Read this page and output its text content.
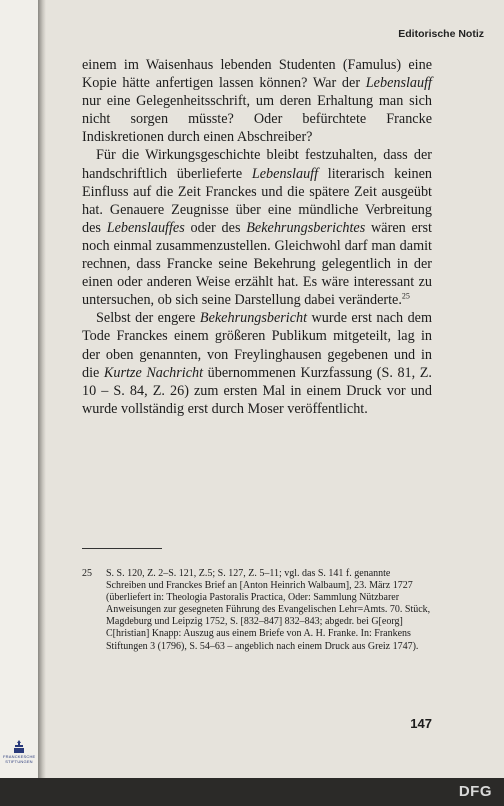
FRANCKESCHE STIFTUNGEN
Editorische Notiz

einem im Waisenhaus lebenden Studenten (Famulus) eine Kopie hätte anfertigen lassen können? War der Lebenslauff nur eine Gelegenheitsschrift, um deren Erhaltung man sich nicht sorgen müsste? Oder befürchtete Francke Indiskretionen durch einen Abschreiber?

Für die Wirkungsgeschichte bleibt festzuhalten, dass der handschriftlich überlieferte Lebenslauff literarisch keinen Einfluss auf die Zeit Franckes und die spätere Zeit ausgeübt hat. Genauere Zeugnisse über eine mündliche Verbreitung des Lebenslauffes oder des Bekehrungsberichtes wären erst noch einmal zusammenzustellen. Gleichwohl darf man damit rechnen, dass Francke seine Bekehrung gelegentlich in der einen oder anderen Weise erzählt hat. Es wäre interessant zu untersuchen, ob sich seine Darstellung dabei veränderte.$^{25}$

Selbst der engere Bekehrungsbericht wurde erst nach dem Tode Franckes einem größeren Publikum mitgeteilt, lag in der oben genannten, von Freylinghausen gegebenen und in die Kurtze Nachricht übernommenen Kurzfassung (S. 81, Z. 10 – S. 84, Z. 26) zum ersten Mal in einem Druck vor und wurde vollständig erst durch Moser veröffentlicht.

25 S. S. 120, Z. 2–S. 121, Z.5; S. 127, Z. 5–11; vgl. das S. 141 f. genannte Schreiben und Franckes Brief an [Anton Heinrich Walbaum], 23. März 1727 (überliefert in: Theologia Pastoralis Practica, Oder: Sammlung Nützbarer Anweisungen zur gesegneten Führung des Evangelischen Lehr=Amts. 70. Stück, Magdeburg und Leipzig 1752, S. [832–847] 832–843; abgedr. bei G[eorg] C[hristian] Knapp: Auszug aus einem Briefe von A. H. Franke. In: Frankens Stiftungen 3 (1796), S. 54–63 – angeblich nach einem Druck aus Greiz 1747).
147
DFG
